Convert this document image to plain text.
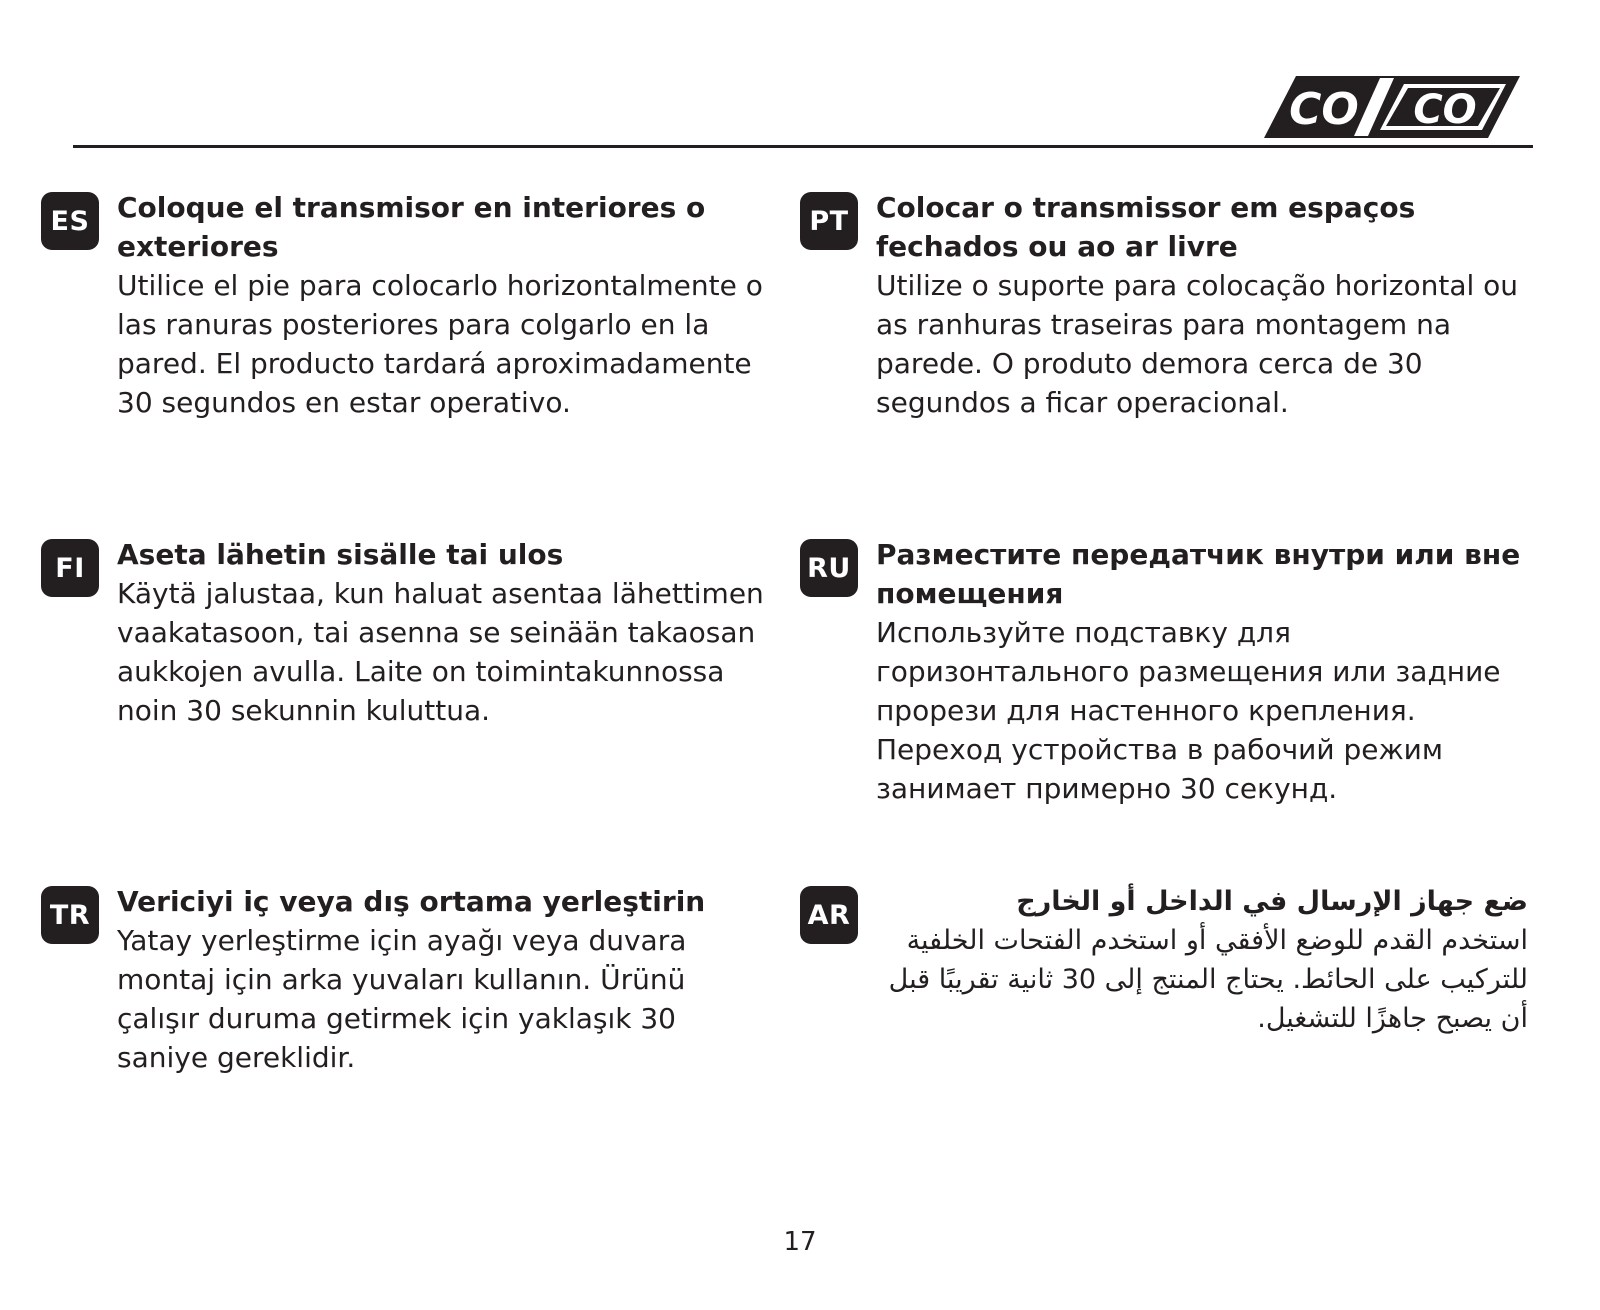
CO CO
ES Coloque el transmisor en interiores o exteriores

Utilice el pie para colocarlo horizontalmente o las ranuras posteriores para colgarlo en la pared. El producto tardará aproximadamente 30 segundos en estar operativo.

PT Colocar o transmissor em espaços fechados ou ao ar livre

Utilize o suporte para colocação horizontal ou as ranhuras traseiras para montagem na parede. O produto demora cerca de 30 segundos a ficar operacional.

FI	Aseta lähetin sisälle tai ulos

Käytä jalustaa, kun haluat asentaa lähettimen vaakatasoon, tai asenna se seinään takaosan aukkojen avulla. Laite on toimintakunnossa noin 30 sekunnin kuluttua.

RU Разместите передатчик внутри или вне помещения

Используйте подставку для горизонтального размещения или задние прорези для настенного крепления. Переход устройства в рабочий режим занимает примерно 30 секунд.

TR Vericiyi iç veya dış ortama yerleştirin

Yatay yerleştirme için ayağı veya duvara montaj için arka yuvaları kullanın. Ürünü çalışır duruma getirmek için yaklaşık 30 saniye gereklidir.

AR	ضع جهاز الإرسال في الداخل أو الخارج

استخدم القدم للوضع الأفقي أو استخدم الفتحات الخلفية للتركيب على الحائط. يحتاج المنتج إلى 30 ثانية تقريبًا قبل أن يصبح جاهزًا للتشغيل.

17
